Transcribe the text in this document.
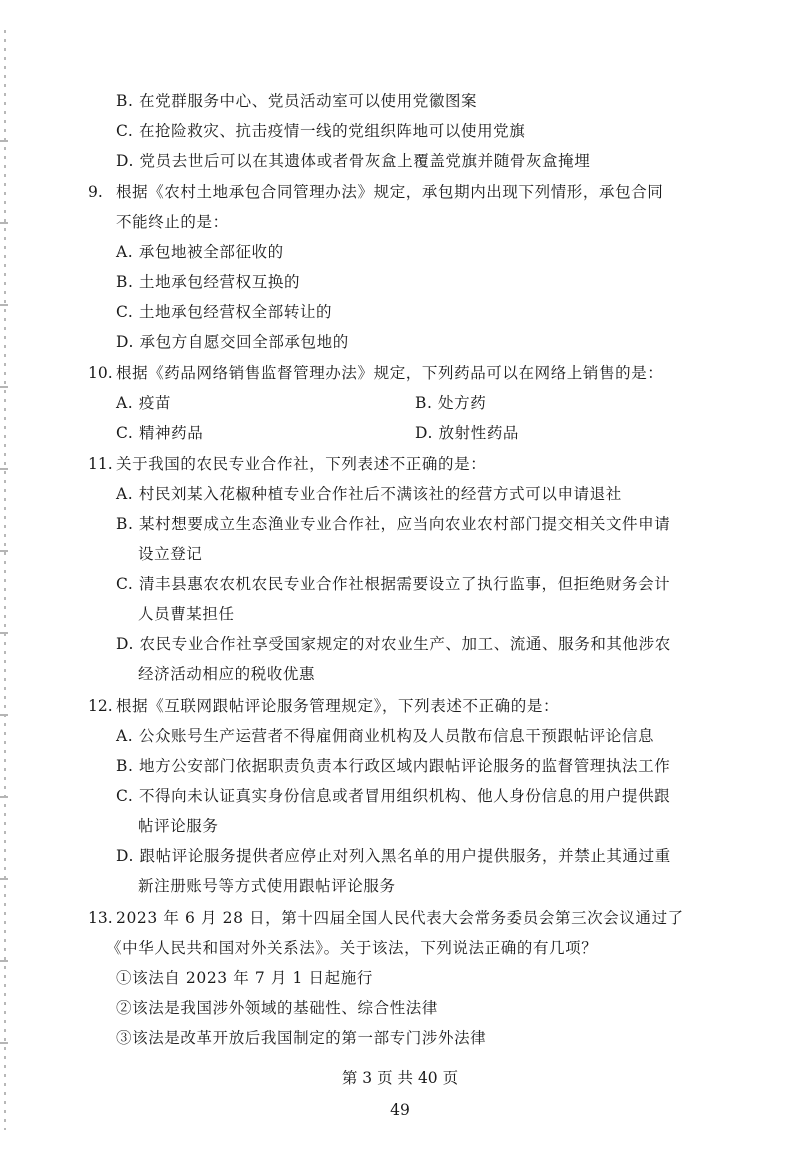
B. 在党群服务中心、党员活动室可以使用党徽图案
C. 在抢险救灾、抗击疫情一线的党组织阵地可以使用党旗
D. 党员去世后可以在其遗体或者骨灰盒上覆盖党旗并随骨灰盒掩埋
9. 根据《农村土地承包合同管理办法》规定，承包期内出现下列情形，承包合同
不能终止的是：
A. 承包地被全部征收的
B. 土地承包经营权互换的
C. 土地承包经营权全部转让的
D. 承包方自愿交回全部承包地的
10. 根据《药品网络销售监督管理办法》规定，下列药品可以在网络上销售的是：
A. 疫苗	B. 处方药
C. 精神药品	D. 放射性药品
11. 关于我国的农民专业合作社，下列表述不正确的是：
A. 村民刘某入花椒种植专业合作社后不满该社的经营方式可以申请退社
B. 某村想要成立生态渔业专业合作社，应当向农业农村部门提交相关文件申请
设立登记
C. 清丰县惠农农机农民专业合作社根据需要设立了执行监事，但拒绝财务会计
人员曹某担任
D. 农民专业合作社享受国家规定的对农业生产、加工、流通、服务和其他涉农
经济活动相应的税收优惠
12. 根据《互联网跟帖评论服务管理规定》，下列表述不正确的是：
A. 公众账号生产运营者不得雇佣商业机构及人员散布信息干预跟帖评论信息
B. 地方公安部门依据职责负责本行政区域内跟帖评论服务的监督管理执法工作
C. 不得向未认证真实身份信息或者冒用组织机构、他人身份信息的用户提供跟
帖评论服务
D. 跟帖评论服务提供者应停止对列入黑名单的用户提供服务，并禁止其通过重
新注册账号等方式使用跟帖评论服务
13. 2023 年 6 月 28 日，第十四届全国人民代表大会常务委员会第三次会议通过了
《中华人民共和国对外关系法》。关于该法，下列说法正确的有几项？
①该法自 2023 年 7 月 1 日起施行
②该法是我国涉外领域的基础性、综合性法律
③该法是改革开放后我国制定的第一部专门涉外法律
第 3 页 共 40 页
49
